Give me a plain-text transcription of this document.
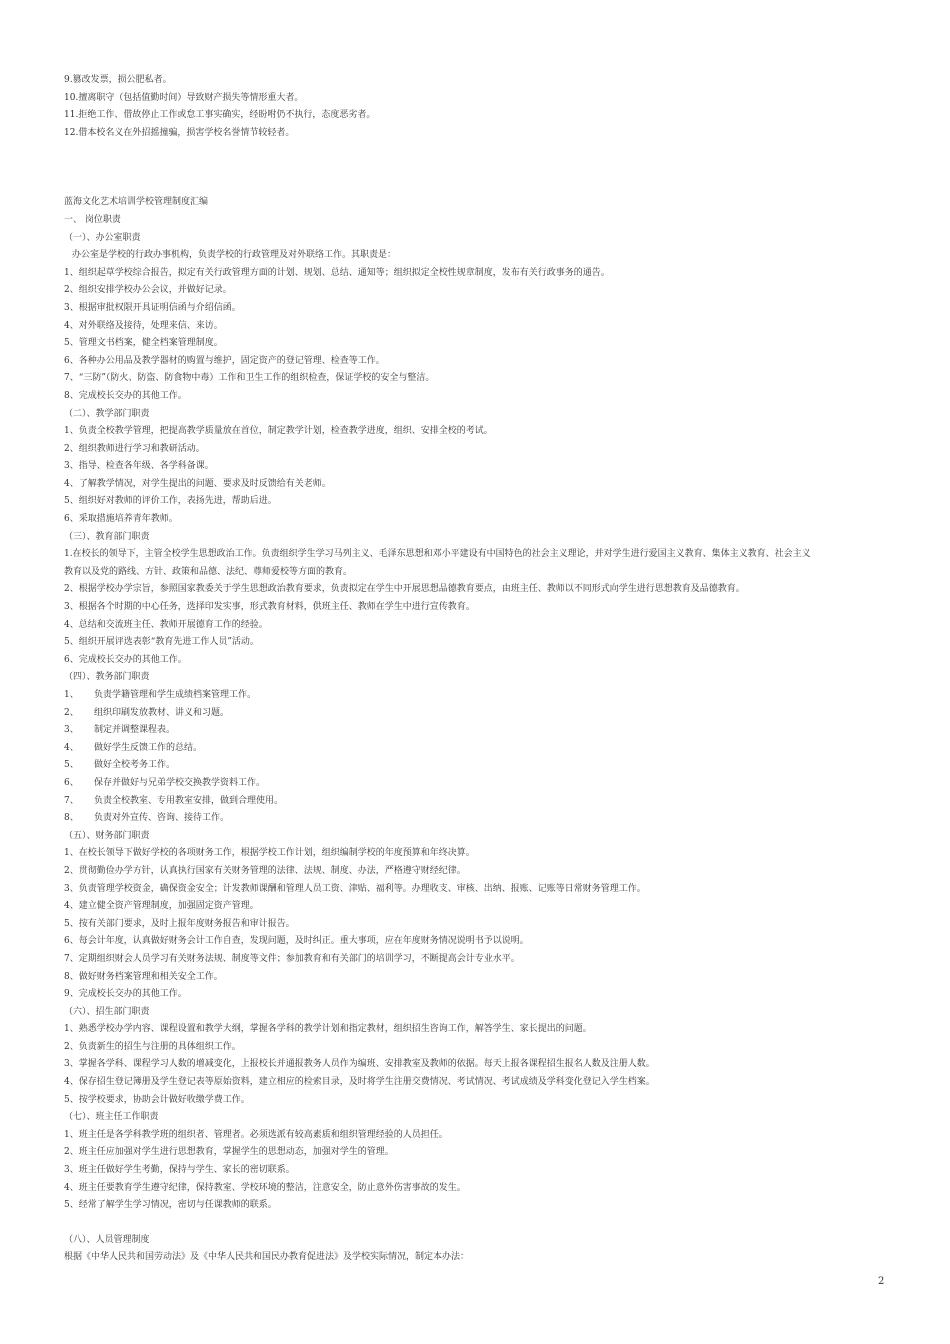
9.篡改发票，损公肥私者。
10.擅离职守（包括值勤时间）导致财产损失等情形重大者。
11.拒绝工作、借故停止工作或怠工事实确实，经盼咐仍不执行，态度恶劣者。
12.借本校名义在外招摇撞骗，损害学校名誉情节较轻者。
蓝海文化艺术培训学校管理制度汇编
一、 岗位职责
（一）、办公室职责
办公室是学校的行政办事机构，负责学校的行政管理及对外联络工作。其职责是：
1、组织起草学校综合报告，拟定有关行政管理方面的计划、规划、总结、通知等；组织拟定全校性规章制度，发布有关行政事务的通告。
2、组织安排学校办公会议，并做好记录。
3、根据审批权限开具证明信函与介绍信函。
4、对外联络及接待，处理来信、来访。
5、管理文书档案，健全档案管理制度。
6、各种办公用品及教学器材的购置与维护，固定资产的登记管理、检查等工作。
7、“三防”（防火、防盗、防食物中毒）工作和卫生工作的组织检查，保证学校的安全与整洁。
8、完成校长交办的其他工作。
（二）、教学部门职责
1、负责全校教学管理，把提高教学质量放在首位，制定教学计划，检查教学进度，组织、安排全校的考试。
2、组织教师进行学习和教研活动。
3、指导、检查各年级、各学科备课。
4、了解教学情况，对学生提出的问题、要求及时反馈给有关老师。
5、组织好对教师的评价工作，表扬先进，帮助后进。
6、采取措施培养青年教师。
（三）、教育部门职责
1.在校长的领导下，主管全校学生思想政治工作。负责组织学生学习马列主义、毛泽东思想和邓小平建设有中国特色的社会主义理论，并对学生进行爱国主义教育、集体主义教育、社会主义
教育以及党的路线、方针、政策和品德、法纪、尊师爱校等方面的教育。
2、根据学校办学宗旨，参照国家教委关于学生思想政治教育要求，负责拟定在学生中开展思想品德教育要点，由班主任、教师以不同形式向学生进行思想教育及品德教育。
3、根据各个时期的中心任务，选择印发实事，形式教育材料，供班主任、教师在学生中进行宣传教育。
4、总结和交流班主任、教师开展德育工作的经验。
5、组织开展评选表彰“教育先进工作人员”活动。
6、完成校长交办的其他工作。
（四）、教务部门职责
1、 负责学籍管理和学生成绩档案管理工作。
2、 组织印刷发放教材、讲义和习题。
3、 制定并调整课程表。
4、 做好学生反馈工作的总结。
5、 做好全校考务工作。
6、 保存并做好与兄弟学校交换教学资料工作。
7、 负责全校教室、专用教室安排，做到合理使用。
8、 负责对外宣传、咨询、接待工作。
（五）、财务部门职责
1、在校长领导下做好学校的各项财务工作，根据学校工作计划，组织编制学校的年度预算和年终决算。
2、贯彻勤俭办学方针，认真执行国家有关财务管理的法律、法规、制度、办法，严格遵守财经纪律。
3、负责管理学校资金，确保资金安全；计发教师课酬和管理人员工资、津贴、福利等。办理收支、审核、出纳、报账、记账等日常财务管理工作。
4、建立健全资产管理制度，加强固定资产管理。
5、按有关部门要求，及时上报年度财务报告和审计报告。
6、每会计年度，认真做好财务会计工作自查，发现问题，及时纠正。重大事项，应在年度财务情况说明书予以说明。
7、定期组织财会人员学习有关财务法规、制度等文件；参加教育和有关部门的培训学习，不断提高会计专业水平。
8、做好财务档案管理和相关安全工作。
9、完成校长交办的其他工作。
（六）、招生部门职责
1、熟悉学校办学内容、课程设置和教学大纲，掌握各学科的教学计划和指定教材，组织招生咨询工作，解答学生、家长提出的问题。
2、负责新生的招生与注册的具体组织工作。
3、掌握各学科、课程学习人数的增减变化，上报校长并通报教务人员作为编班、安排教室及教师的依据。每天上报各课程招生报名人数及注册人数。
4、保存招生登记簿册及学生登记表等原始资料，建立相应的检索目录，及时将学生注册交费情况、考试情况、考试成绩及学科变化登记入学生档案。
5、按学校要求，协助会计做好收缴学费工作。
（七）、班主任工作职责
1、班主任是各学科教学班的组织者、管理者。必须选派有较高素质和组织管理经验的人员担任。
2、班主任应加强对学生进行思想教育，掌握学生的思想动态，加强对学生的管理。
3、班主任做好学生考勤，保持与学生、家长的密切联系。
4、班主任要教育学生遵守纪律，保持教室、学校环境的整洁，注意安全，防止意外伤害事故的发生。
5、经常了解学生学习情况，密切与任课教师的联系。
（八）、人员管理制度
根据《中华人民共和国劳动法》及《中华人民共和国民办教育促进法》及学校实际情况，制定本办法：
2
